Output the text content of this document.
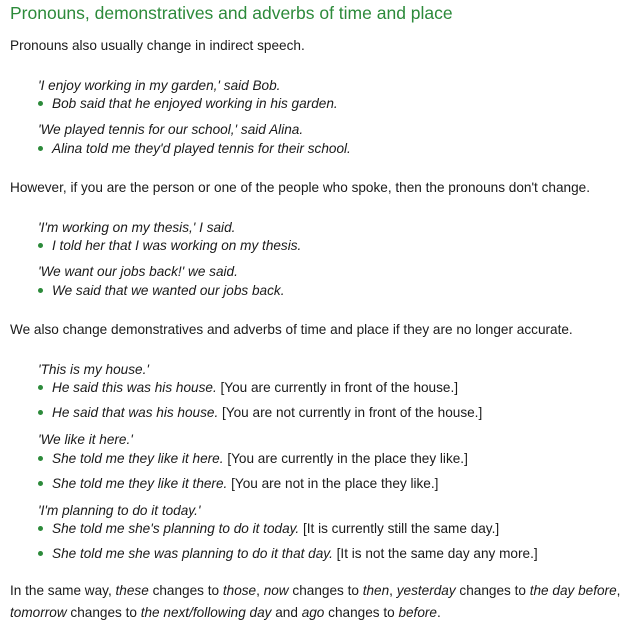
Pronouns, demonstratives and adverbs of time and place
Pronouns also usually change in indirect speech.
'I enjoy working in my garden,' said Bob.
Bob said that he enjoyed working in his garden.
'We played tennis for our school,' said Alina.
Alina told me they'd played tennis for their school.
However, if you are the person or one of the people who spoke, then the pronouns don't change.
'I'm working on my thesis,' I said.
I told her that I was working on my thesis.
'We want our jobs back!' we said.
We said that we wanted our jobs back.
We also change demonstratives and adverbs of time and place if they are no longer accurate.
'This is my house.'
He said this was his house. [You are currently in front of the house.]
He said that was his house. [You are not currently in front of the house.]
'We like it here.'
She told me they like it here. [You are currently in the place they like.]
She told me they like it there. [You are not in the place they like.]
'I'm planning to do it today.'
She told me she's planning to do it today. [It is currently still the same day.]
She told me she was planning to do it that day. [It is not the same day any more.]
In the same way, these changes to those, now changes to then, yesterday changes to the day before,
tomorrow changes to the next/following day and ago changes to before.
